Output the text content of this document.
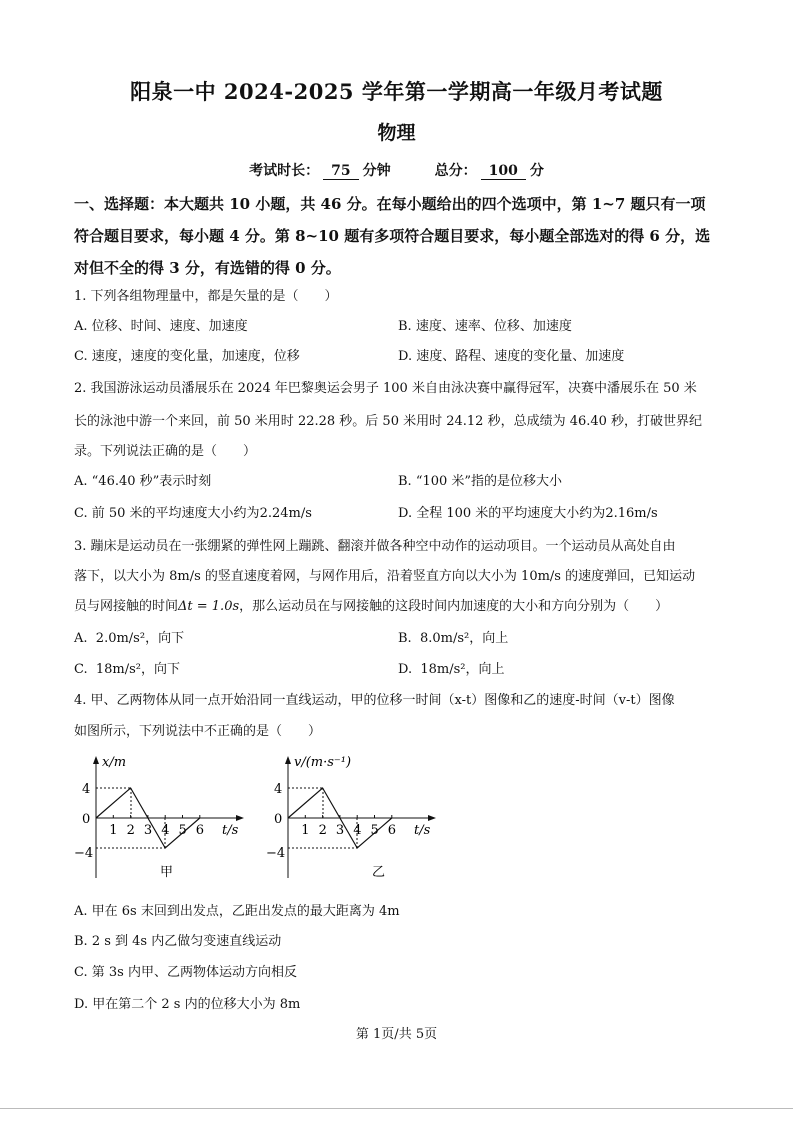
阳泉一中 2024-2025 学年第一学期高一年级月考试题
物理
考试时长： 75 分钟	总分： 100 分
一、选择题：本大题共 10 小题，共 46 分。在每小题给出的四个选项中，第 1~7 题只有一项
符合题目要求，每小题 4 分。第 8~10 题有多项符合题目要求，每小题全部选对的得 6 分，选
对但不全的得 3 分，有选错的得 0 分。
1. 下列各组物理量中，都是矢量的是（　　）
A. 位移、时间、速度、加速度	B. 速度、速率、位移、加速度
C. 速度，速度的变化量，加速度，位移	D. 速度、路程、速度的变化量、加速度
2. 我国游泳运动员潘展乐在 2024 年巴黎奥运会男子 100 米自由泳决赛中赢得冠军，决赛中潘展乐在 50 米
长的泳池中游一个来回，前 50 米用时 22.28 秒。后 50 米用时 24.12 秒，总成绩为 46.40 秒，打破世界纪
录。下列说法正确的是（　　）
A. “46.40 秒”表示时刻	B. “100 米”指的是位移大小
C. 前 50 米的平均速度大小约为2.24m/s	D. 全程 100 米的平均速度大小约为2.16m/s
3. 蹦床是运动员在一张绷紧的弹性网上蹦跳、翻滚并做各种空中动作的运动项目。一个运动员从高处自由
落下，以大小为 8m/s 的竖直速度着网，与网作用后，沿着竖直方向以大小为 10m/s 的速度弹回，已知运动
员与网接触的时间Δt = 1.0s，那么运动员在与网接触的这段时间内加速度的大小和方向分别为（　　）
A. 2.0m/s²，向下	B. 8.0m/s²，向上
C. 18m/s²，向下	D. 18m/s²，向上
4. 甲、乙两物体从同一点开始沿同一直线运动，甲的位移一时间（x-t）图像和乙的速度-时间（v-t）图像
如图所示，下列说法中不正确的是（　　）
x/m
t/s
0
4
−4
1 2 3 4 5 6
甲
v/(m·s⁻¹)
t/s
0
4
−4
1 2 3 4 5 6
乙
A. 甲在 6s 末回到出发点，乙距出发点的最大距离为 4m
B. 2 s 到 4s 内乙做匀变速直线运动
C. 第 3s 内甲、乙两物体运动方向相反
D. 甲在第二个 2 s 内的位移大小为 8m
第 1页/共 5页
